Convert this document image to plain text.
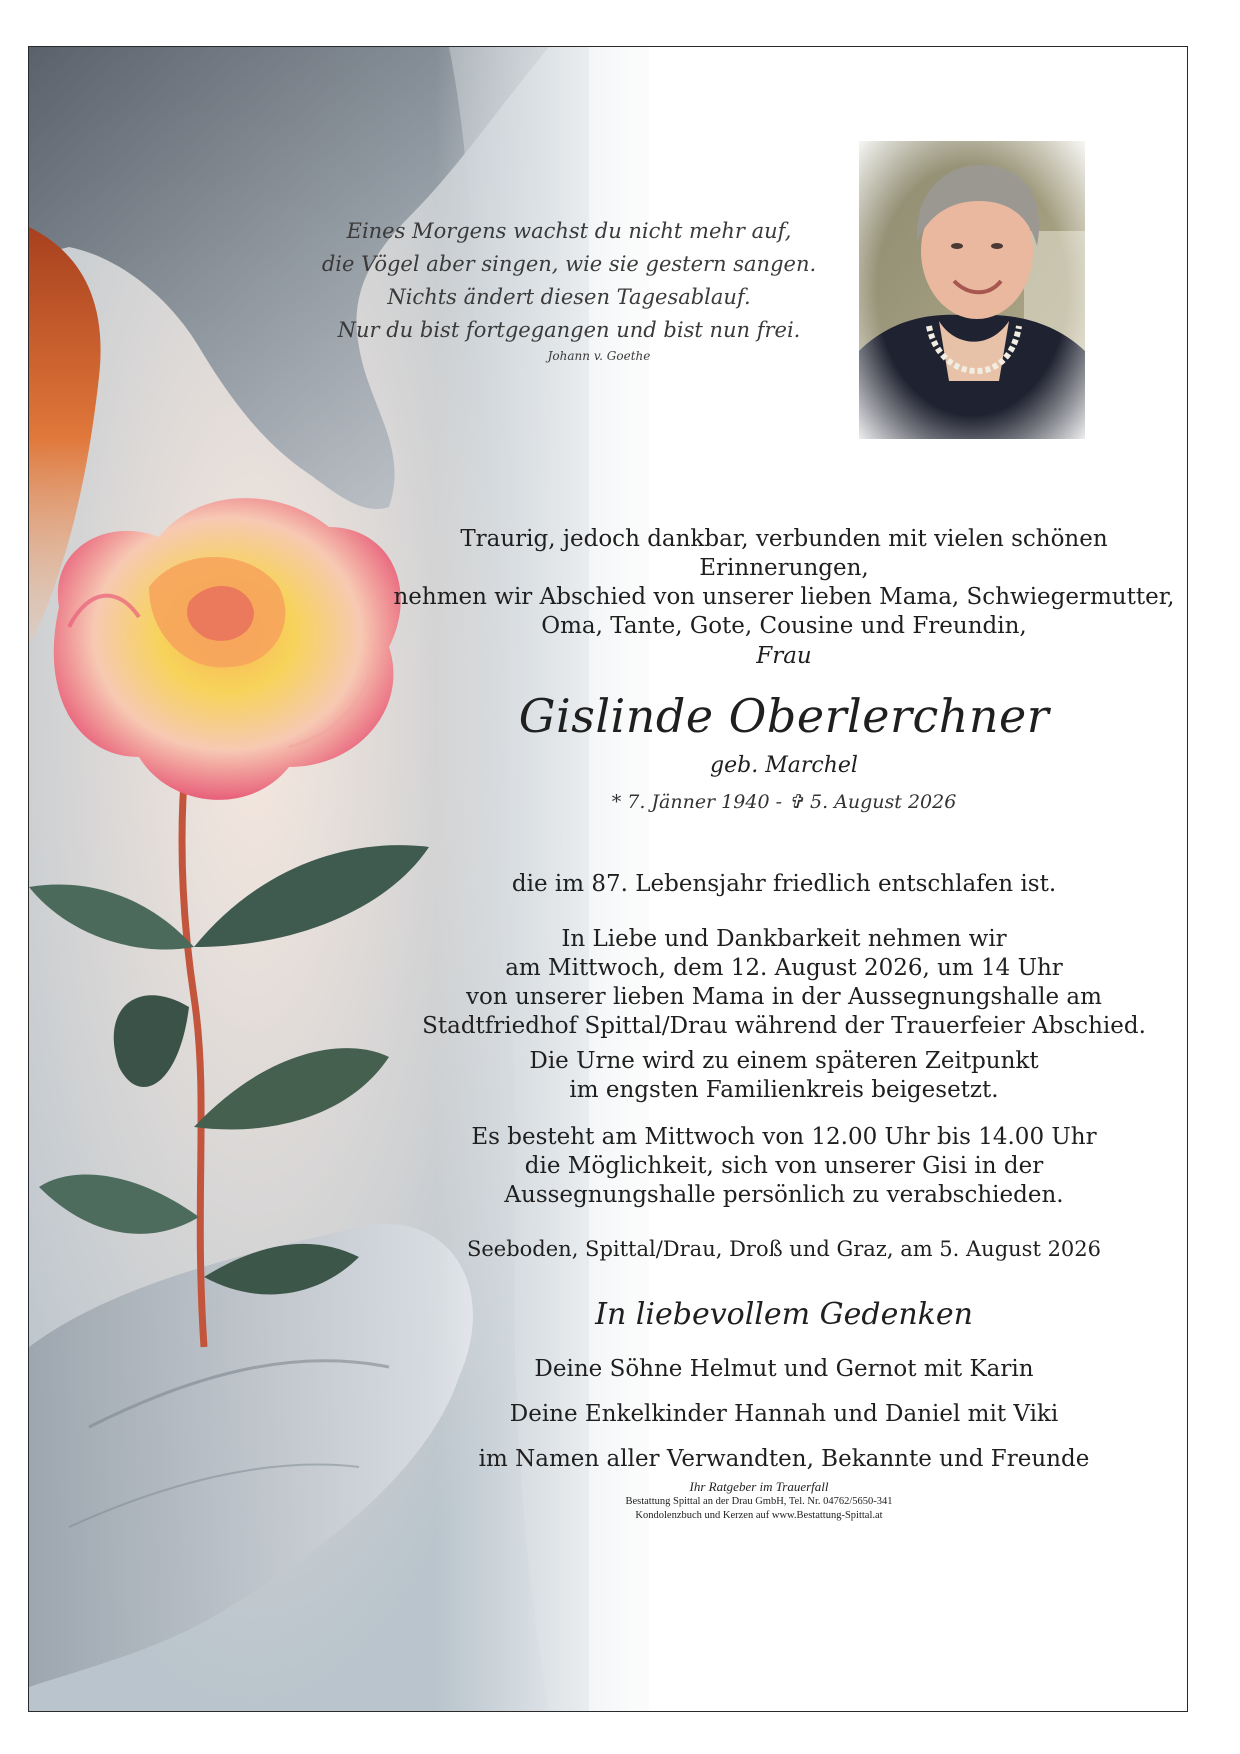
Eines Morgens wachst du nicht mehr auf,
die Vögel aber singen, wie sie gestern sangen.
Nichts ändert diesen Tagesablauf.
Nur du bist fortgegangen und bist nun frei.
Johann v. Goethe
Traurig, jedoch dankbar, verbunden mit vielen schönen Erinnerungen,
nehmen wir Abschied von unserer lieben Mama, Schwiegermutter,
Oma, Tante, Gote, Cousine und Freundin,
Frau
Gislinde Oberlerchner
geb. Marchel
* 7. Jänner 1940 - ✞ 5. August 2026
die im 87. Lebensjahr friedlich entschlafen ist.
In Liebe und Dankbarkeit nehmen wir
am Mittwoch, dem 12. August 2026, um 14 Uhr
von unserer lieben Mama in der Aussegnungshalle am
Stadtfriedhof Spittal/Drau während der Trauerfeier Abschied.
Die Urne wird zu einem späteren Zeitpunkt
im engsten Familienkreis beigesetzt.
Es besteht am Mittwoch von 12.00 Uhr bis 14.00 Uhr
die Möglichkeit, sich von unserer Gisi in der
Aussegnungshalle persönlich zu verabschieden.
Seeboden, Spittal/Drau, Droß und Graz, am 5. August 2026
In liebevollem Gedenken
Deine Söhne Helmut und Gernot mit Karin
Deine Enkelkinder Hannah und Daniel mit Viki
im Namen aller Verwandten, Bekannte und Freunde
Ihr Ratgeber im Trauerfall
Bestattung Spittal an der Drau GmbH, Tel. Nr. 04762/5650-341
Kondolenzbuch und Kerzen auf www.Bestattung-Spittal.at
